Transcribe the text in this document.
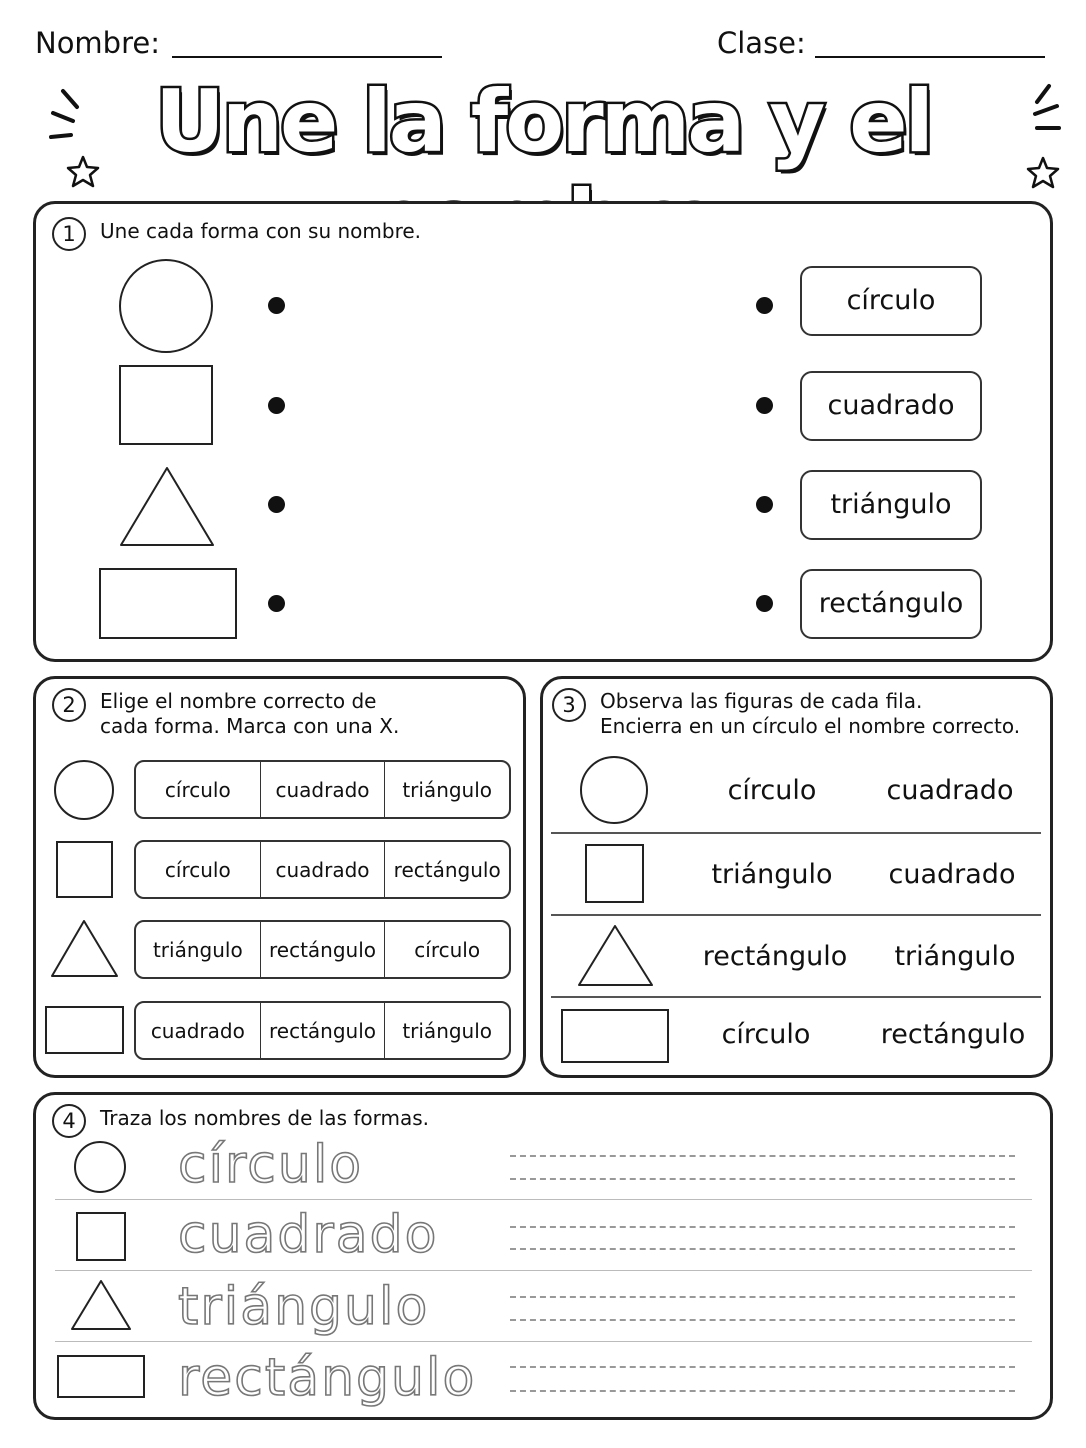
Nombre:	Clase:
Une la forma y el
1	Une cada forma con su nombre.
círculo
cuadrado
triángulo
rectángulo
2	Elige el nombre correcto de
cada forma. Marca con una X.
círculo	cuadrado	triángulo
círculo	cuadrado	rectángulo
triángulo	rectángulo	círculo
cuadrado	rectángulo	triángulo
3	Observa las figuras de cada fila.
Encierra en un círculo el nombre correcto.
círculo	cuadrado
triángulo	cuadrado
rectángulo	triángulo
círculo	rectángulo
4	Traza los nombres de las formas.
círculo
cuadrado
triángulo
rectángulo
